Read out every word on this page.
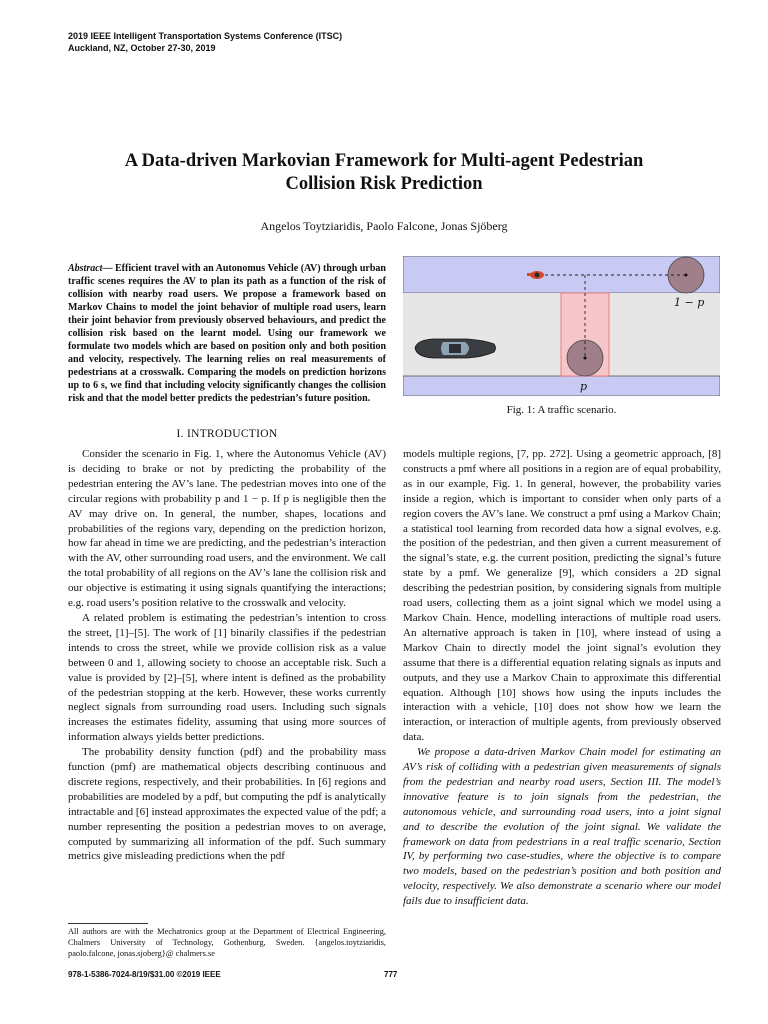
2019 IEEE Intelligent Transportation Systems Conference (ITSC)
Auckland, NZ, October 27-30, 2019
A Data-driven Markovian Framework for Multi-agent Pedestrian
Collision Risk Prediction
Angelos Toytziaridis, Paolo Falcone, Jonas Sjöberg
Abstract— Efficient travel with an Autonomus Vehicle (AV) through urban traffic scenes requires the AV to plan its path as a function of the risk of collision with nearby road users. We propose a framework based on Markov Chains to model the joint behavior of multiple road users, learn their joint behavior from previously observed behaviours, and predict the collision risk based on the learnt model. Using our framework we formulate two models which are based on position only and both position and velocity, respectively. The learning relies on real measurements of pedestrians at a crosswalk. Comparing the models on prediction horizons up to 6 s, we find that including velocity significantly changes the collision risk and that the model better predicts the pedestrian’s future position.
I. INTRODUCTION

Consider the scenario in Fig. 1, where the Autonomus Vehicle (AV) is deciding to brake or not by predicting the probability of the pedestrian entering the AV’s lane. The pedestrian moves into one of the circular regions with probability p and 1 − p. If p is negligible then the AV may drive on. In general, the number, shapes, locations and probabilities of the regions vary, depending on the prediction horizon, how far ahead in time we are predicting, and the pedestrian’s interaction with the AV, other surrounding road users, and the environment. We call the total probability of all regions on the AV’s lane the collision risk and our objective is estimating it using signals quantifying the interactions; e.g. road users’s position relative to the crosswalk and velocity.

A related problem is estimating the pedestrian’s intention to cross the street, [1]–[5]. The work of [1] binarily classifies if the pedestrian intends to cross the street, while we provide collision risk as a value between 0 and 1, allowing society to choose an acceptable risk. Such a value is provided by [2]–[5], where intent is defined as the probability of the pedestrian stopping at the kerb. However, these works currently neglect signals from surrounding road users. Including such signals increases the estimates fidelity, assuming that using more sources of information always yields better predictions.

The probability density function (pdf) and the probability mass function (pmf) are mathematical objects describing continuous and discrete regions, respectively, and their probabilities. In [6] regions and probabilities are modeled by a pdf, but computing the pdf is analytically intractable and [6] instead approximates the expected value of the pdf; a number representing the position a pedestrian moves to on average, computed by summarizing all information of the pdf. Such summary metrics give misleading predictions when the pdf

All authors are with the Mechatronics group at the Department of Electrical Engineering, Chalmers University of Technology, Gothenburg, Sweden. {angelos.toytziaridis, paolo.falcone, jonas.sjoberg}@ chalmers.se
1 − p
p
Fig. 1: A traffic scenario.

models multiple regions, [7, pp. 272]. Using a geometric approach, [8] constructs a pmf where all positions in a region are of equal probability, as in our example, Fig. 1. In general, however, the probability varies inside a region, which is important to consider when only parts of a region covers the AV’s lane. We construct a pmf using a Markov Chain; a statistical tool learning from recorded data how a signal evolves, e.g. the position of the pedestrian, and then given a current measurement of the signal’s state, e.g. the current position, predicting the signal’s future state by a pmf. We generalize [9], which considers a 2D signal describing the pedestrian position, by considering signals from multiple road users, collecting them as a joint signal which we model using a Markov Chain. Hence, modelling interactions of multiple road users. An alternative approach is taken in [10], where instead of using a Markov Chain to directly model the joint signal’s evolution they assume that there is a differential equation relating signals as inputs and outputs, and they use a Markov Chain to approximate this differential equation. Although [10] shows how using the inputs includes the interaction with a vehicle, [10] does not show how we learn the interaction, or interaction of multiple agents, from previously observed data.

We propose a data-driven Markov Chain model for estimating an AV’s risk of colliding with a pedestrian given measurements of signals from the pedestrian and nearby road users, Section III. The model’s innovative feature is to join signals from the pedestrian, the autonomous vehicle, and surrounding road users, into a joint signal and to describe the evolution of the joint signal. We validate the framework on data from pedestrians in a real traffic scenario, Section IV, by performing two case-studies, where the objective is to compare two models, based on the pedestrian’s position and both position and velocity, respectively. We also demonstrate a scenario where our model fails due to insufficient data.

978-1-5386-7024-8/19/$31.00 ©2019 IEEE	777
